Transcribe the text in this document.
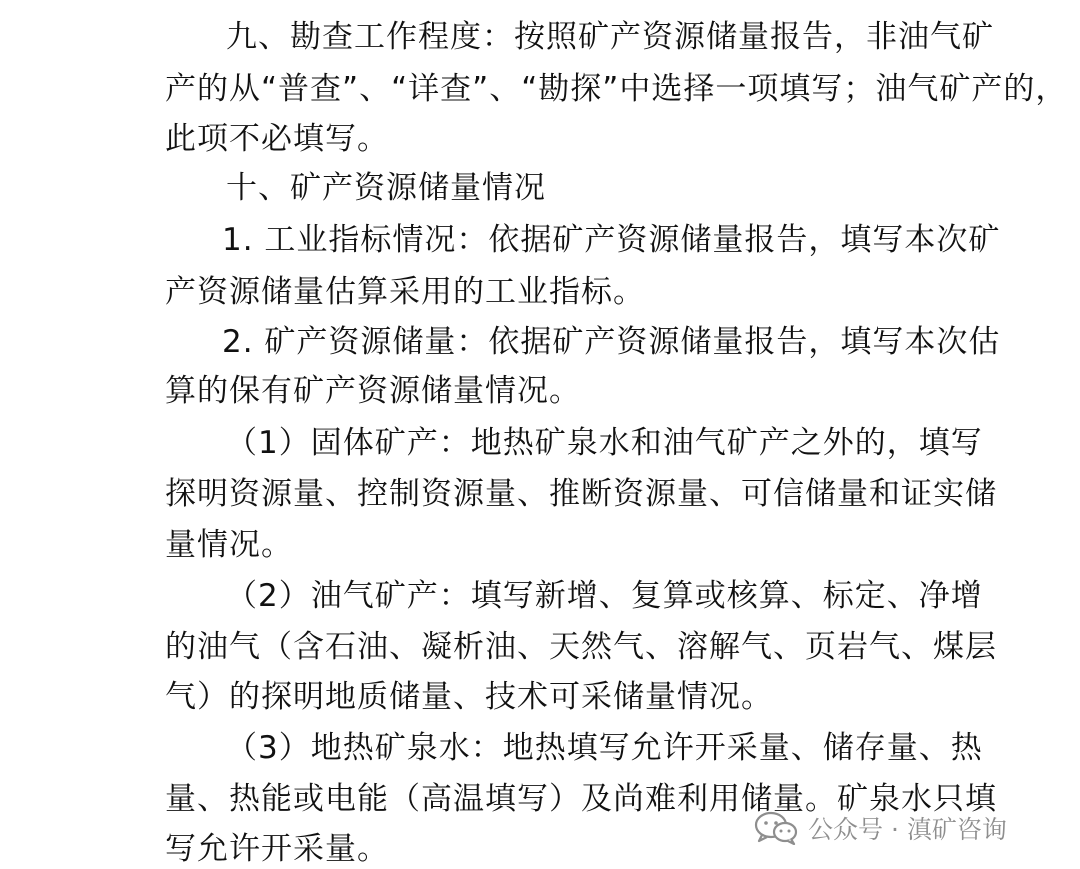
九、勘查工作程度：按照矿产资源储量报告，非油气矿
产的从“普查”、“详查”、“勘探”中选择一项填写；油气矿产的，
此项不必填写。
十、矿产资源储量情况
1. 工业指标情况：依据矿产资源储量报告，填写本次矿
产资源储量估算采用的工业指标。
2. 矿产资源储量：依据矿产资源储量报告，填写本次估
算的保有矿产资源储量情况。
（1）固体矿产：地热矿泉水和油气矿产之外的，填写
探明资源量、控制资源量、推断资源量、可信储量和证实储
量情况。
（2）油气矿产：填写新增、复算或核算、标定、净增
的油气（含石油、凝析油、天然气、溶解气、页岩气、煤层
气）的探明地质储量、技术可采储量情况。
（3）地热矿泉水：地热填写允许开采量、储存量、热
量、热能或电能（高温填写）及尚难利用储量。矿泉水只填
写允许开采量。
公众号 · 滇矿咨询
